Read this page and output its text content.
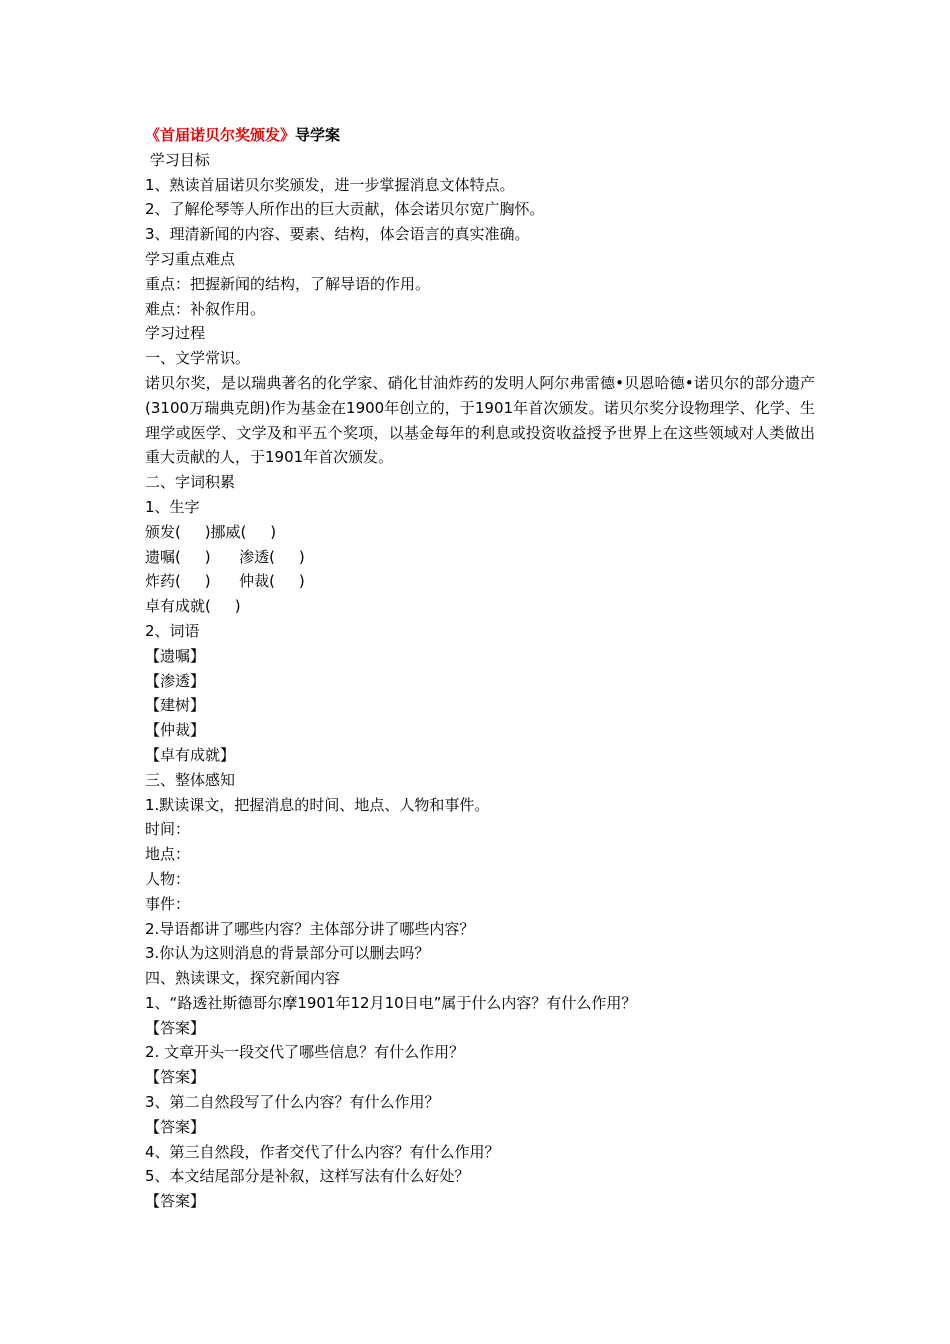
《首届诺贝尔奖颁发》导学案
学习目标
1、熟读首届诺贝尔奖颁发，进一步掌握消息文体特点。
2、了解伦琴等人所作出的巨大贡献，体会诺贝尔宽广胸怀。
3、理清新闻的内容、要素、结构，体会语言的真实准确。
学习重点难点
重点：把握新闻的结构，了解导语的作用。
难点：补叙作用。
学习过程
一、文学常识。
诺贝尔奖，是以瑞典著名的化学家、硝化甘油炸药的发明人阿尔弗雷德•贝恩哈德•诺贝尔的部分遗产　(3100万瑞典克朗)作为基金在1900年创立的，于1901年首次颁发。诺贝尔奖分设物理学、化学、生理学或医学、文学及和平五个奖项，以基金每年的利息或投资收益授予世界上在这些领域对人类做出重大贡献的人，于1901年首次颁发。
二、字词积累
1、生字
颁发(     )挪威(     )
遗嘱(     )      渗透(     )
炸药(     )      仲裁(     )
卓有成就(     )
2、词语
【遗嘱】
【渗透】
【建树】
【仲裁】
【卓有成就】
三、整体感知
1.默读课文，把握消息的时间、地点、人物和事件。
时间：
地点：
人物：
事件：
2.导语都讲了哪些内容？主体部分讲了哪些内容？
3.你认为这则消息的背景部分可以删去吗？
四、熟读课文，探究新闻内容
1、“路透社斯德哥尔摩1901年12月10日电”属于什么内容？有什么作用？
【答案】
2. 文章开头一段交代了哪些信息？有什么作用？
【答案】
3、第二自然段写了什么内容？有什么作用？
【答案】
4、第三自然段，作者交代了什么内容？有什么作用？
5、本文结尾部分是补叙，这样写法有什么好处？
【答案】
